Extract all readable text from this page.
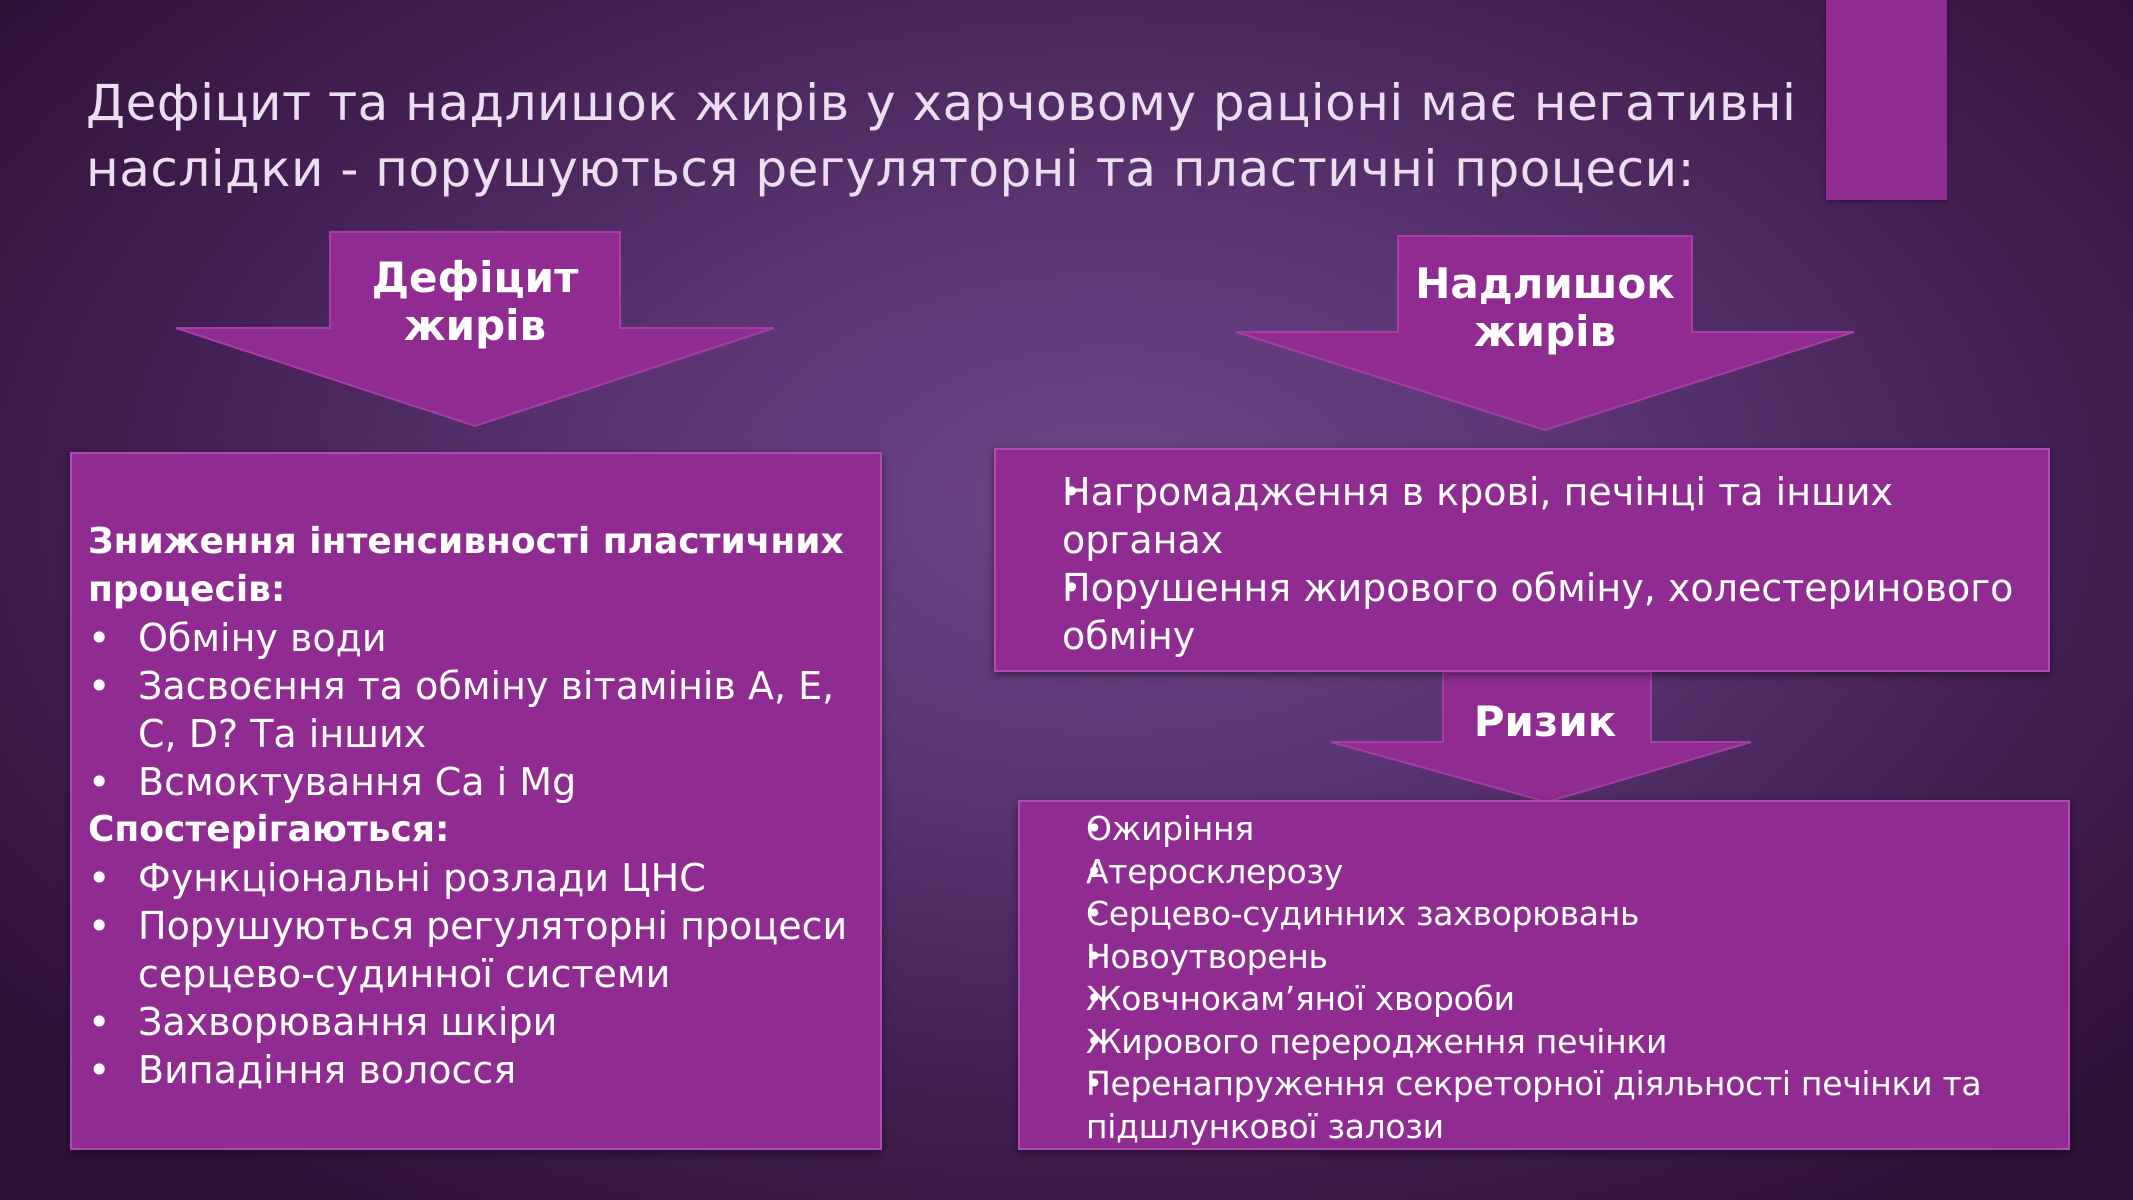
Дефіцит та надлишок жирів у харчовому раціоні має негативні наслідки - порушуються регуляторні та пластичні процеси:
Дефіцит
жирів
Надлишок
жирів
Ризик

Зниження інтенсивності пластичних процесів:

• Обміну води
• Засвоєння та обміну вітамінів А, Е, С, D? Та інших
• Всмоктування Са і Mg

Спостерігаються:

• Функціональні розлади ЦНС
• Порушуються регуляторні процеси серцево-судинної системи
• Захворювання шкіри
• Випадіння волосся
• Нагромадження в крові, печінці та інших органах
• Порушення жирового обміну, холестеринового обміну
• Ожиріння
• Атеросклерозу
• Серцево-судинних захворювань
• Новоутворень
• Жовчнокам’яної хвороби
• Жирового переродження печінки
• Перенапруження секреторної діяльності печінки та підшлункової залози
